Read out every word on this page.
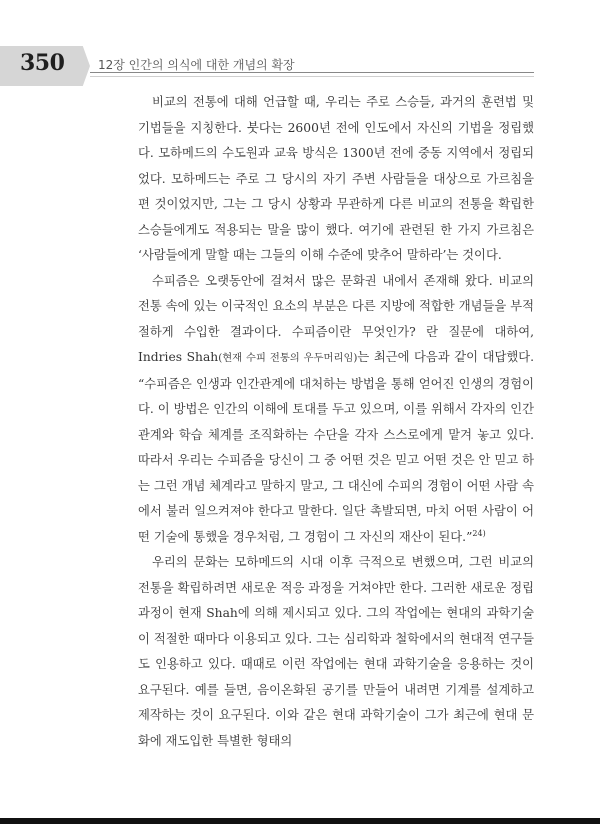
350	12장 인간의 의식에 대한 개념의 확장

비교의 전통에 대해 언급할 때, 우리는 주로 스승들, 과거의 훈련법 및 기법들을 지칭한다. 붓다는 2600년 전에 인도에서 자신의 기법을 정립했다. 모하메드의 수도원과 교육 방식은 1300년 전에 중동 지역에서 정립되었다. 모하메드는 주로 그 당시의 자기 주변 사람들을 대상으로 가르침을 편 것이었지만, 그는 그 당시 상황과 무관하게 다른 비교의 전통을 확립한 스승들에게도 적용되는 말을 많이 했다. 여기에 관련된 한 가지 가르침은 ‘사람들에게 말할 때는 그들의 이해 수준에 맞추어 말하라’는 것이다.

수피즘은 오랫동안에 걸쳐서 많은 문화권 내에서 존재해 왔다. 비교의 전통 속에 있는 이국적인 요소의 부분은 다른 지방에 적합한 개념들을 부적절하게 수입한 결과이다. 수피즘이란 무엇인가? 란 질문에 대하여, Indries Shah(현재 수피 전통의 우두머리임)는 최근에 다음과 같이 대답했다. “수피즘은 인생과 인간관계에 대처하는 방법을 통해 얻어진 인생의 경험이다. 이 방법은 인간의 이해에 토대를 두고 있으며, 이를 위해서 각자의 인간관계와 학습 체계를 조직화하는 수단을 각자 스스로에게 맡겨 놓고 있다. 따라서 우리는 수피즘을 당신이 그 중 어떤 것은 믿고 어떤 것은 안 믿고 하는 그런 개념 체계라고 말하지 말고, 그 대신에 수피의 경험이 어떤 사람 속에서 불러 일으켜져야 한다고 말한다. 일단 촉발되면, 마치 어떤 사람이 어떤 기술에 통했을 경우처럼, 그 경험이 그 자신의 재산이 된다.”$^{24)}$

우리의 문화는 모하메드의 시대 이후 극적으로 변했으며, 그런 비교의 전통을 확립하려면 새로운 적응 과정을 거쳐야만 한다. 그러한 새로운 정립 과정이 현재 Shah에 의해 제시되고 있다. 그의 작업에는 현대의 과학기술이 적절한 때마다 이용되고 있다. 그는 심리학과 철학에서의 현대적 연구들도 인용하고 있다. 때때로 이런 작업에는 현대 과학기술을 응용하는 것이 요구된다. 예를 들면, 음이온화된 공기를 만들어 내려면 기계를 설계하고 제작하는 것이 요구된다. 이와 같은 현대 과학기술이 그가 최근에 현대 문화에 재도입한 특별한 형태의
